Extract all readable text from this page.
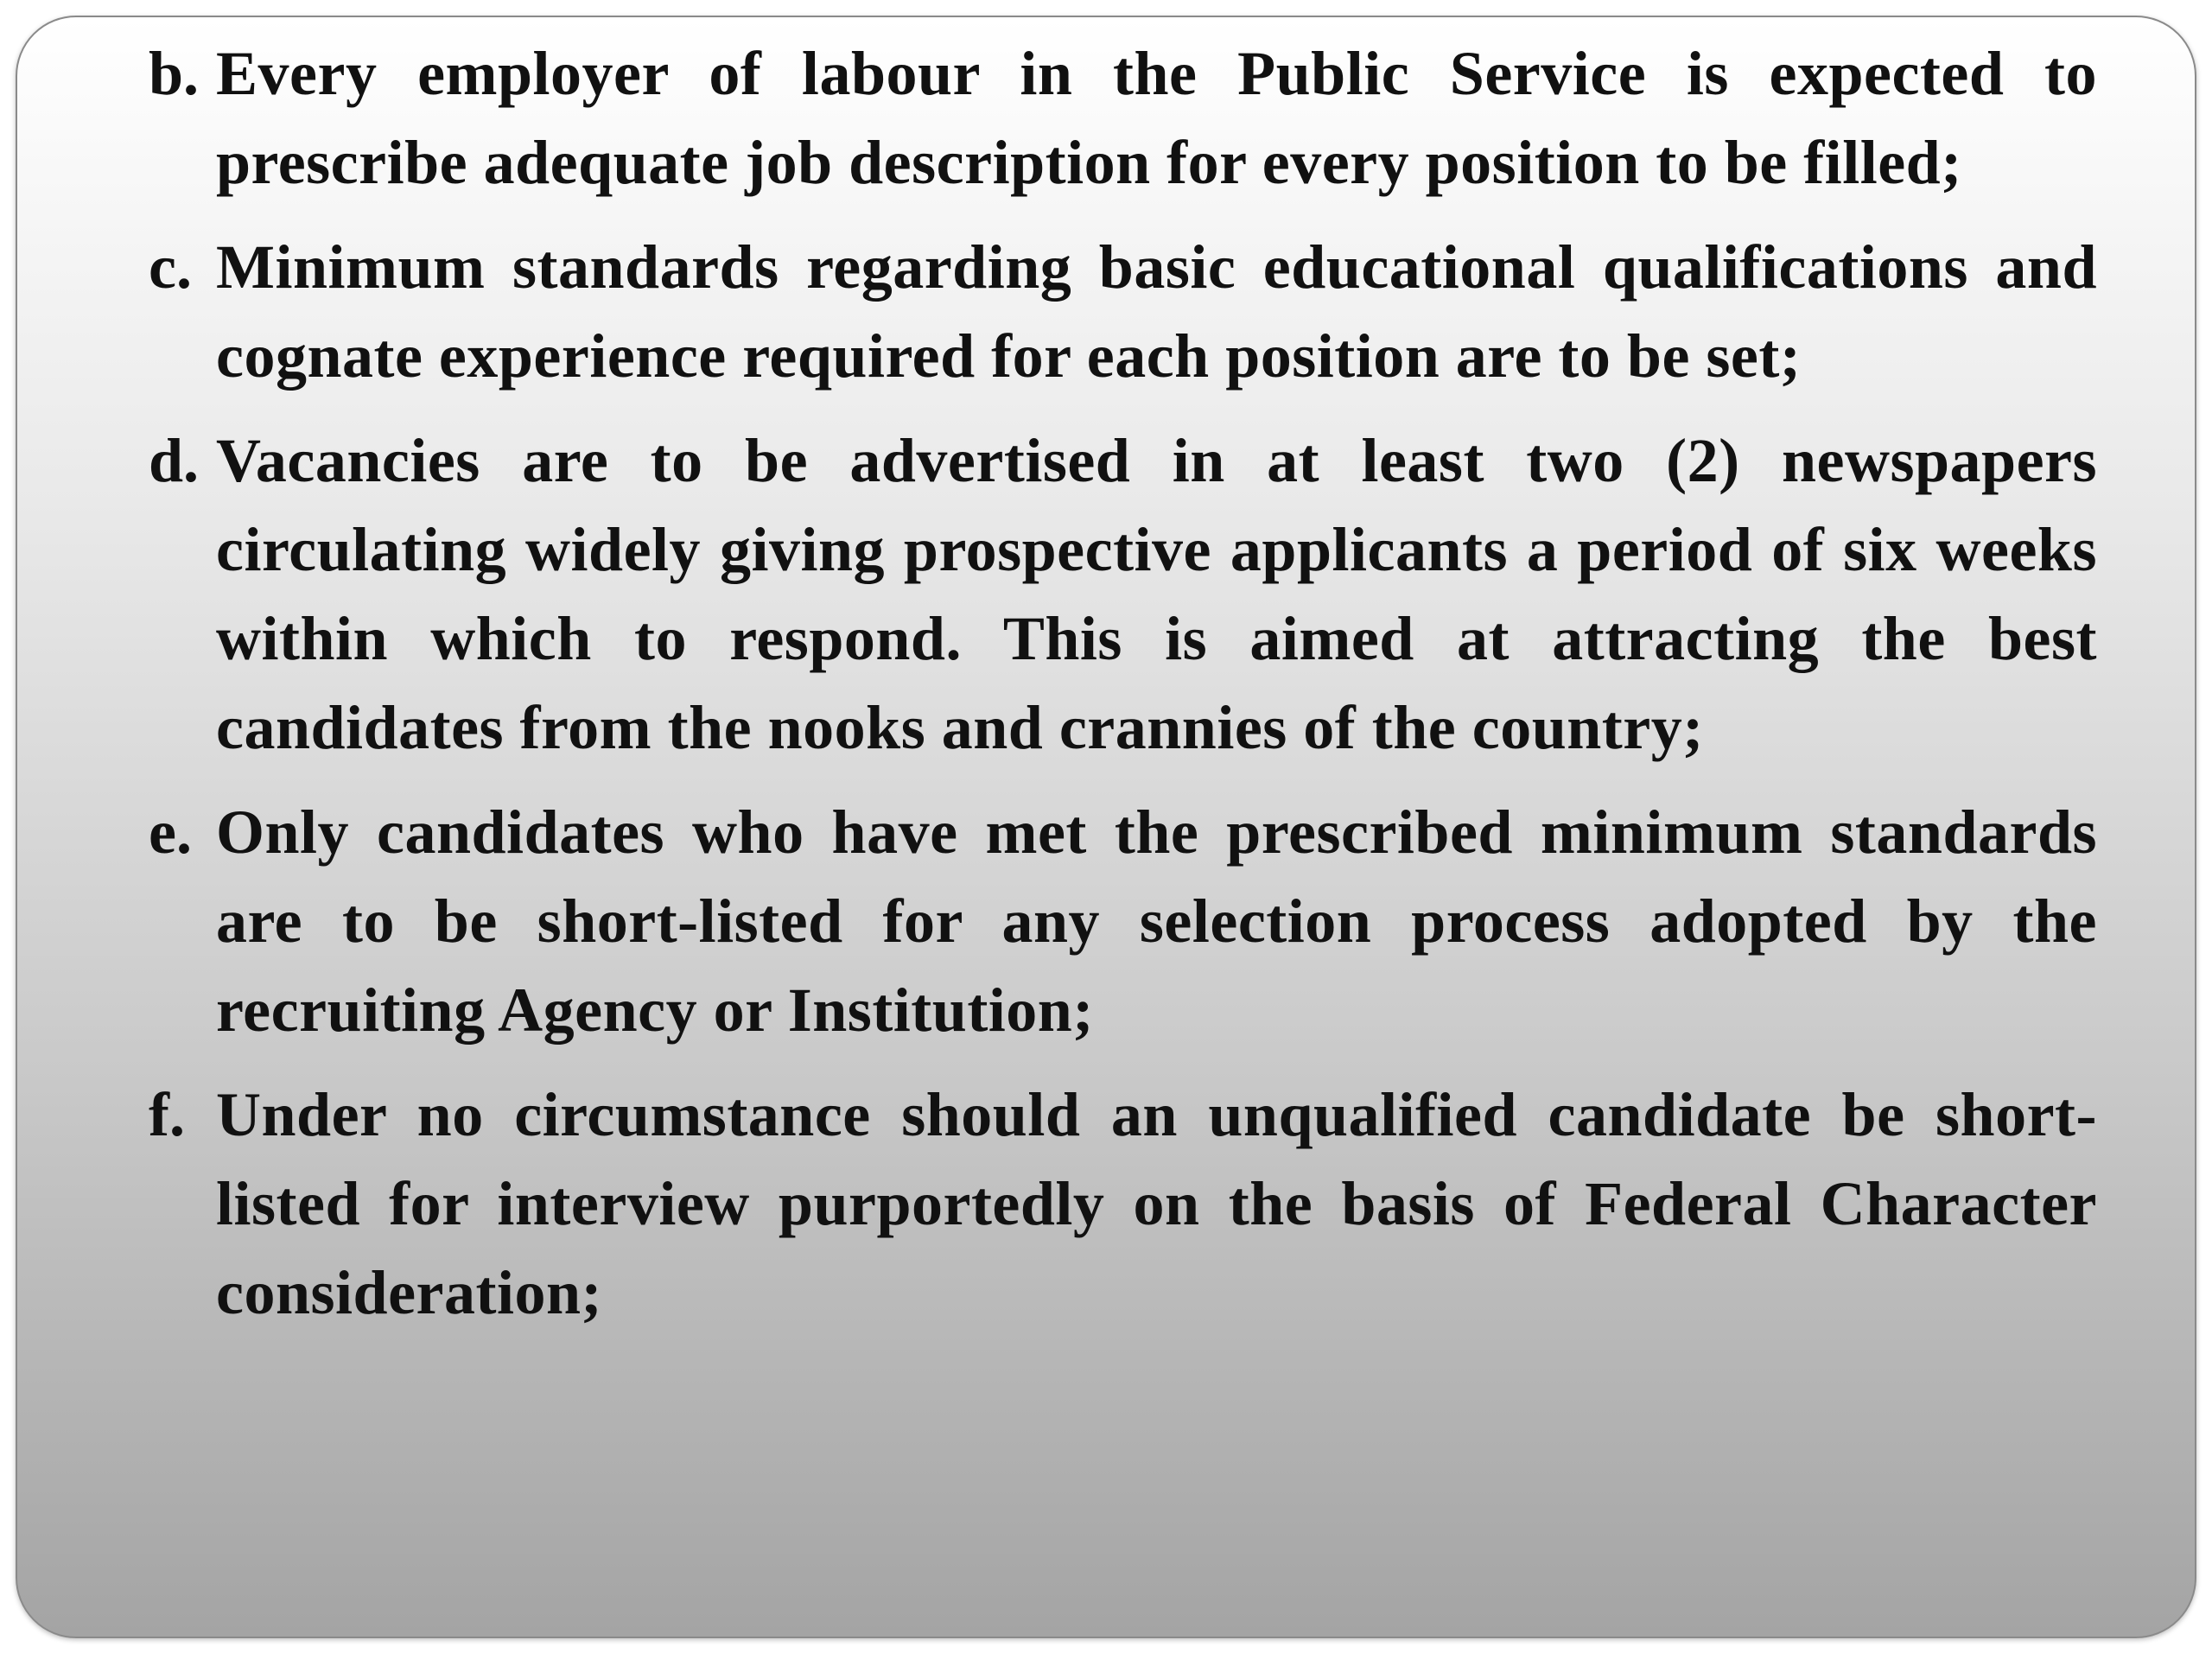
b. Every employer of labour in the Public Service is expected to prescribe adequate job description for every position to be filled;
c. Minimum standards regarding basic educational qualifications and cognate experience required for each position are to be set;
d. Vacancies are to be advertised in at least two (2) newspapers circulating widely giving prospective applicants a period of six weeks within which to respond. This is aimed at attracting the best candidates from the nooks and crannies of the country;
e. Only candidates who have met the prescribed minimum standards are to be short-listed for any selection process adopted by the recruiting Agency or Institution;
f. Under no circumstance should an unqualified candidate be short-listed for interview purportedly on the basis of Federal Character consideration;
